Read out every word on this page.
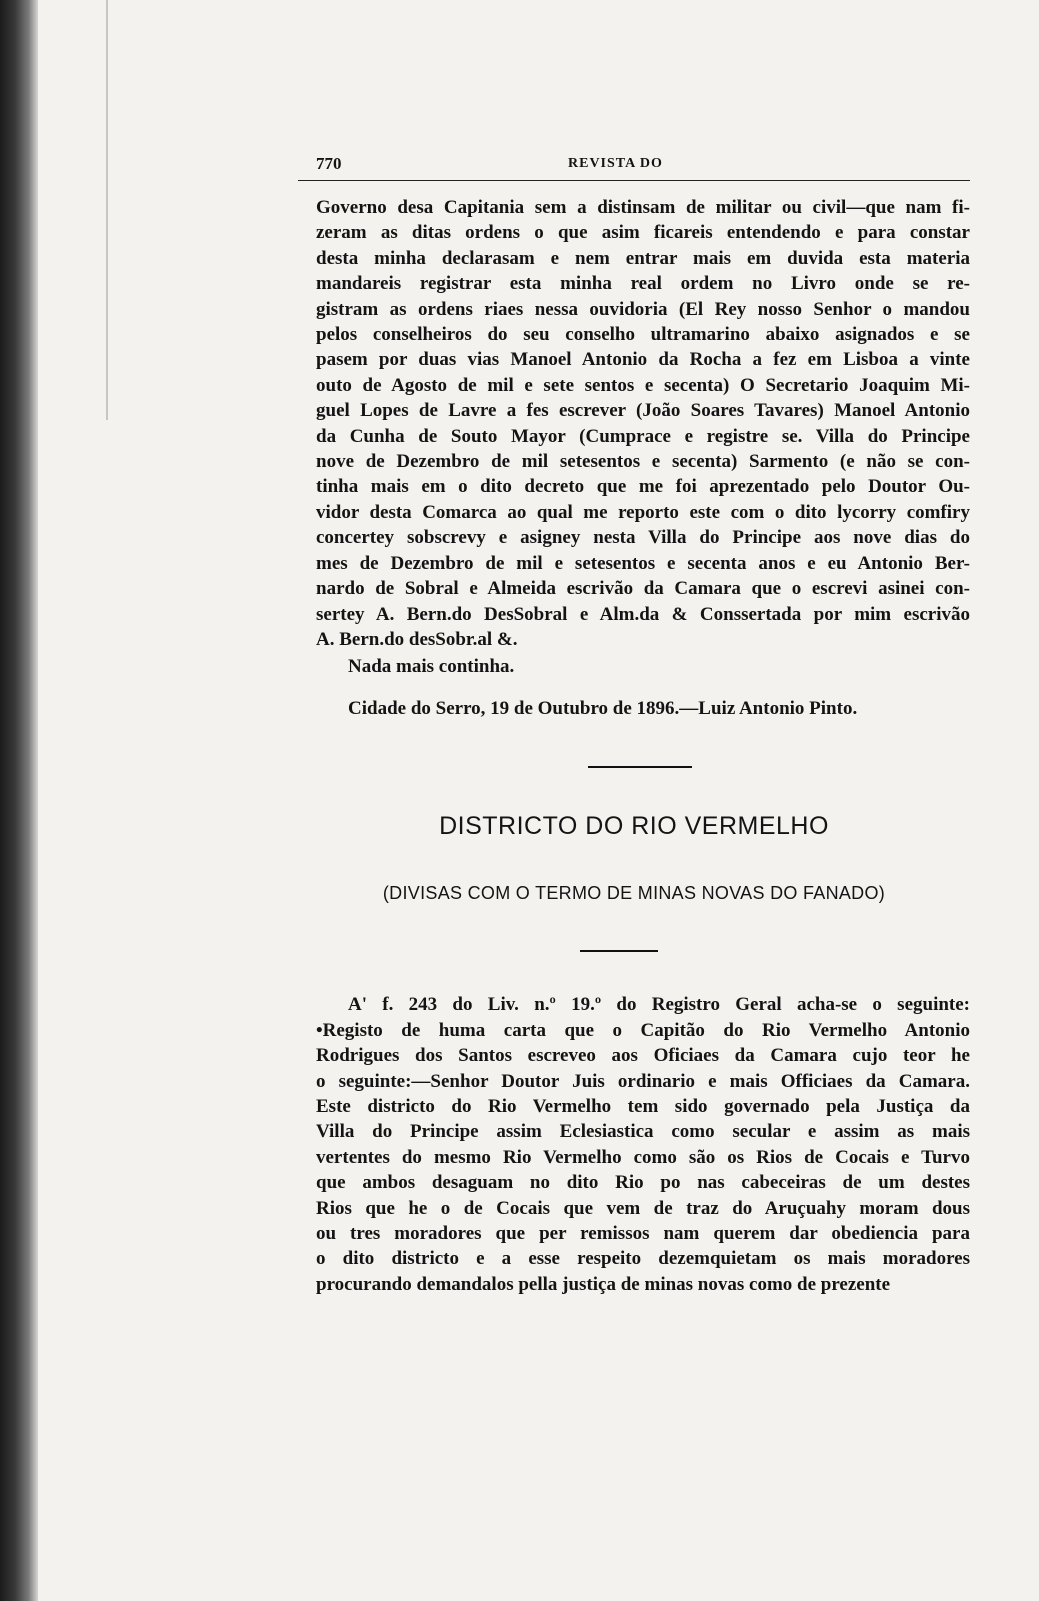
770	REVISTA DO
Governo desa Capitania sem a distinsam de militar ou civil—que nam fi-
zeram as ditas ordens o que asim ficareis entendendo e para constar
desta minha declarasam e nem entrar mais em duvida esta materia
mandareis registrar esta minha real ordem no Livro onde se re-
gistram as ordens riaes nessa ouvidoria (El Rey nosso Senhor o mandou
pelos conselheiros do seu conselho ultramarino abaixo asignados e se
pasem por duas vias Manoel Antonio da Rocha a fez em Lisboa a vinte
outo de Agosto de mil e sete sentos e secenta) O Secretario Joaquim Mi-
guel Lopes de Lavre a fes escrever (João Soares Tavares) Manoel Antonio
da Cunha de Souto Mayor (Cumprace e registre se. Villa do Principe
nove de Dezembro de mil setesentos e secenta) Sarmento (e não se con-
tinha mais em o dito decreto que me foi aprezentado pelo Doutor Ou-
vidor desta Comarca ao qual me reporto este com o dito lycorry comfiry
concertey sobscrevy e asigney nesta Villa do Principe aos nove dias do
mes de Dezembro de mil e setesentos e secenta anos e eu Antonio Ber-
nardo de Sobral e Almeida escrivão da Camara que o escrevi asinei con-
sertey A. Bern.do DesSobral e Alm.da & Conssertada por mim escrivão
A. Bern.do desSobr.al &.
Nada mais continha.
Cidade do Serro, 19 de Outubro de 1896.—Luiz Antonio Pinto.
DISTRICTO DO RIO VERMELHO
(DIVISAS COM O TERMO DE MINAS NOVAS DO FANADO)
A' f. 243 do Liv. n.º 19.º do Registro Geral acha-se o seguinte:
•Registo de huma carta que o Capitão do Rio Vermelho Antonio
Rodrigues dos Santos escreveo aos Oficiaes da Camara cujo teor he
o seguinte:—Senhor Doutor Juis ordinario e mais Officiaes da Camara.
Este districto do Rio Vermelho tem sido governado pela Justiça da
Villa do Principe assim Eclesiastica como secular e assim as mais
vertentes do mesmo Rio Vermelho como são os Rios de Cocais e Turvo
que ambos desaguam no dito Rio po nas cabeceiras de um destes
Rios que he o de Cocais que vem de traz do Aruçuahy moram dous
ou tres moradores que per remissos nam querem dar obediencia para
o dito districto e a esse respeito dezemquietam os mais moradores
procurando demandalos pella justiça de minas novas como de prezente
